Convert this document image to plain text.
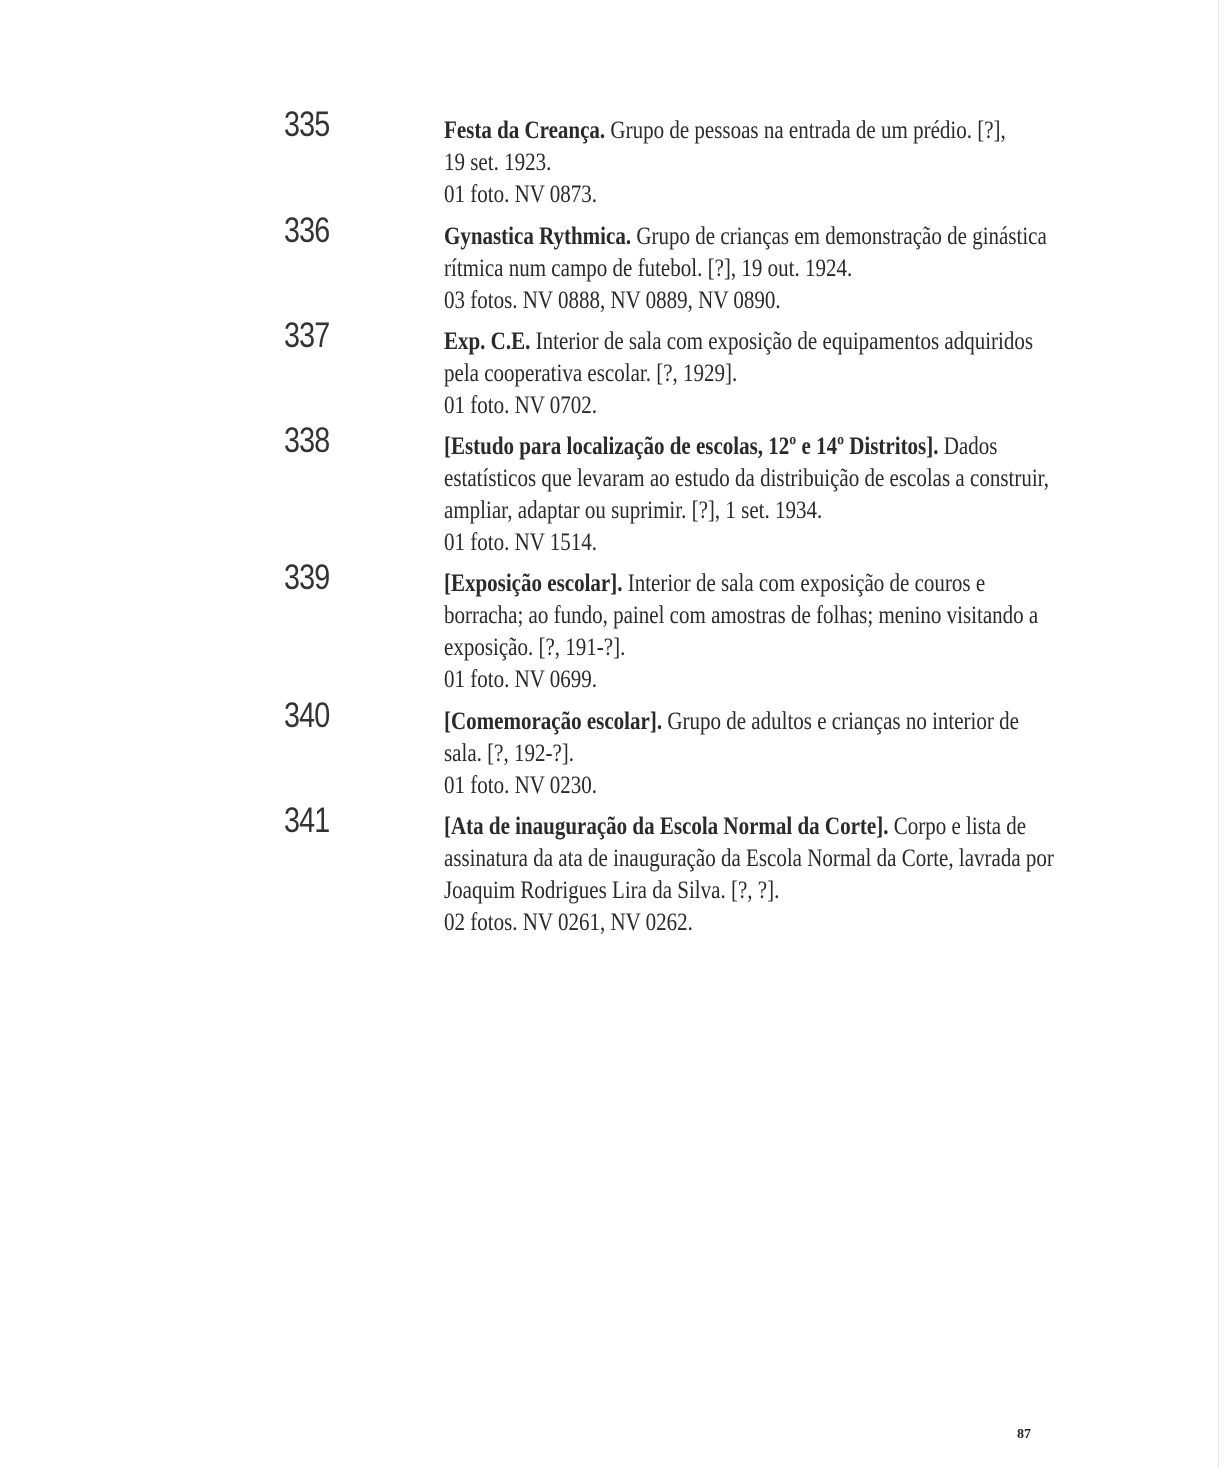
335	Festa da Creança. Grupo de pessoas na entrada de um prédio. [?],
19 set. 1923.
01 foto. NV 0873.
336	Gynastica Rythmica. Grupo de crianças em demonstração de ginástica
rítmica num campo de futebol. [?], 19 out. 1924.
03 fotos. NV 0888, NV 0889, NV 0890.
337	Exp. C.E. Interior de sala com exposição de equipamentos adquiridos
pela cooperativa escolar. [?, 1929].
01 foto. NV 0702.
338	[Estudo para localização de escolas, 12º e 14º Distritos]. Dados
estatísticos que levaram ao estudo da distribuição de escolas a construir,
ampliar, adaptar ou suprimir. [?], 1 set. 1934.
01 foto. NV 1514.
339	[Exposição escolar]. Interior de sala com exposição de couros e
borracha; ao fundo, painel com amostras de folhas; menino visitando a
exposição. [?, 191-?].
01 foto. NV 0699.
340	[Comemoração escolar]. Grupo de adultos e crianças no interior de
sala. [?, 192-?].
01 foto. NV 0230.
341	[Ata de inauguração da Escola Normal da Corte]. Corpo e lista de
assinatura da ata de inauguração da Escola Normal da Corte, lavrada por
Joaquim Rodrigues Lira da Silva. [?, ?].
02 fotos. NV 0261, NV 0262.
87
